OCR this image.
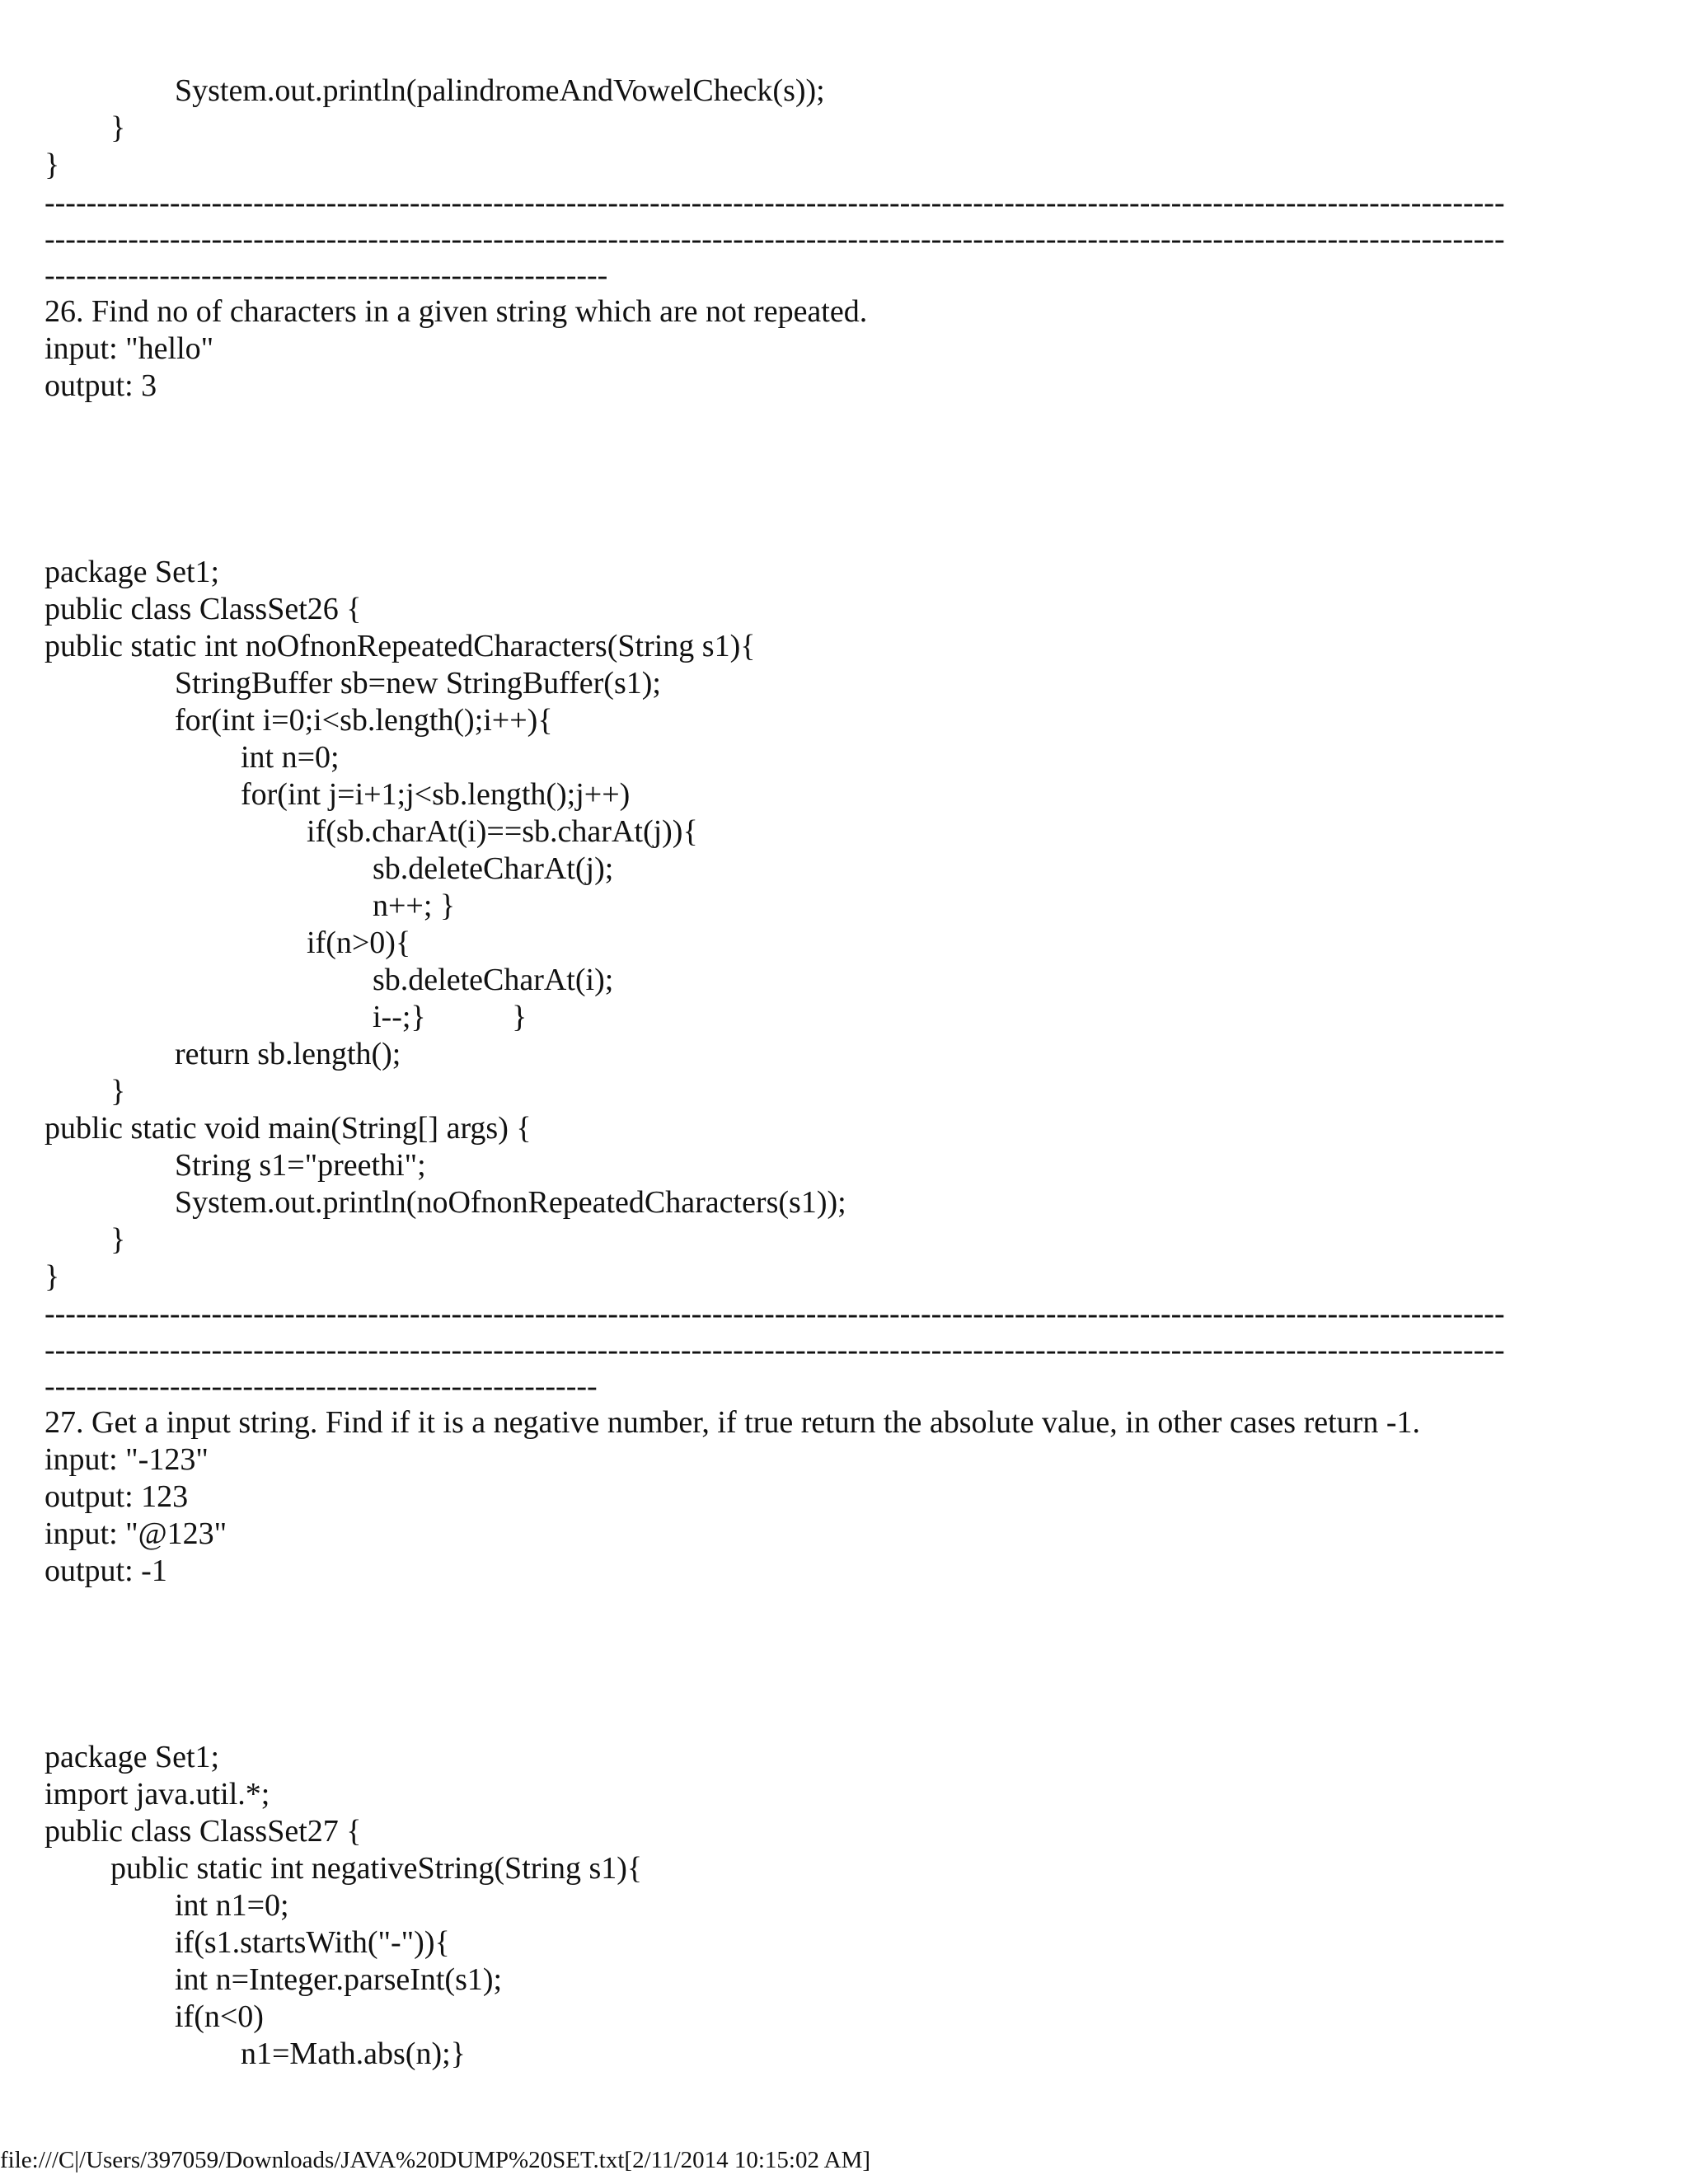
System.out.println(palindromeAndVowelCheck(s));
}
}
--------------------------------------------------------------------------------------------------------------------------------------------
--------------------------------------------------------------------------------------------------------------------------------------------
------------------------------------------------------
26. Find no of characters in a given string which are not repeated.
input: "hello"
output: 3
package Set1;
public class ClassSet26 {
public static int noOfnonRepeatedCharacters(String s1){
StringBuffer sb=new StringBuffer(s1);
for(int i=0;i<sb.length();i++){
int n=0;
for(int j=i+1;j<sb.length();j++)
if(sb.charAt(i)==sb.charAt(j)){
sb.deleteCharAt(j);
n++; }
if(n>0){
sb.deleteCharAt(i);
i--;}           }
return sb.length();
}
public static void main(String[] args) {
String s1="preethi";
System.out.println(noOfnonRepeatedCharacters(s1));
}
}
--------------------------------------------------------------------------------------------------------------------------------------------
--------------------------------------------------------------------------------------------------------------------------------------------
-----------------------------------------------------
27. Get a input string. Find if it is a negative number, if true return the absolute value, in other cases return -1.
input: "-123"
output: 123
input: "@123"
output: -1
package Set1;
import java.util.*;
public class ClassSet27 {
public static int negativeString(String s1){
int n1=0;
if(s1.startsWith("-")){
int n=Integer.parseInt(s1);
if(n<0)
n1=Math.abs(n);}
file:///C|/Users/397059/Downloads/JAVA%20DUMP%20SET.txt[2/11/2014 10:15:02 AM]
